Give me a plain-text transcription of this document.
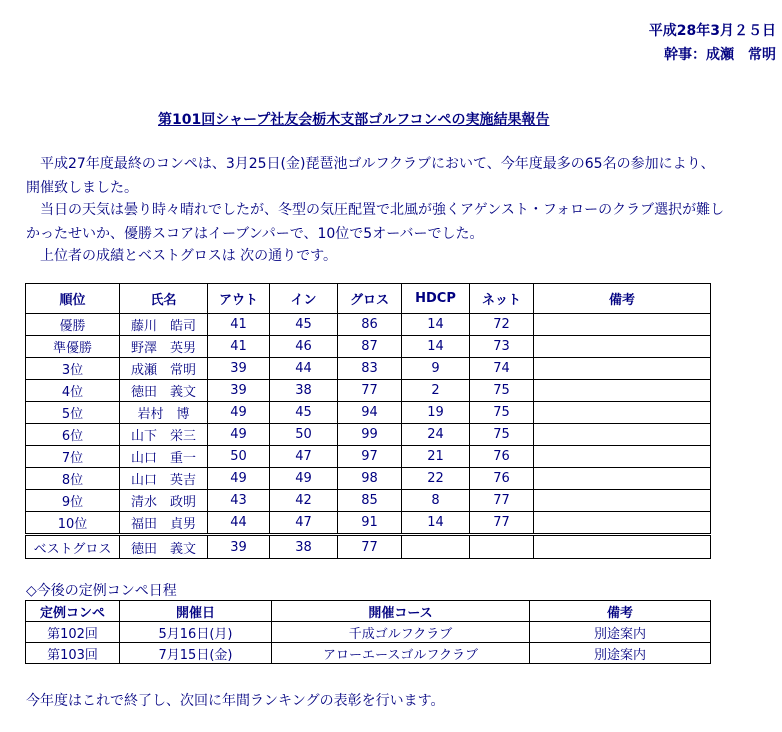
平成28年3月２５日
幹事：成瀬　常明
第101回シャープ社友会栃木支部ゴルフコンペの実施結果報告
　平成27年度最終のコンペは、3月25日(金)琵琶池ゴルフクラブにおいて、今年度最多の65名の参加により、
開催致しました。
　当日の天気は曇り時々晴れでしたが、冬型の気圧配置で北風が強くアゲンスト・フォローのクラブ選択が難し
かったせいか、優勝スコアはイーブンパーで、10位で5オーバーでした。
　上位者の成績とベストグロスは 次の通りです。
順位	氏名	アウト	イン	グロス	HDCP	ネット	備考
優勝	藤川　皓司	41	45	86	14	72	
準優勝	野澤　英男	41	46	87	14	73	
3位	成瀬　常明	39	44	83	9	74	
4位	徳田　義文	39	38	77	2	75	
5位	岩村　博	49	45	94	19	75	
6位	山下　栄三	49	50	99	24	75	
7位	山口　重一	50	47	97	21	76	
8位	山口　英吉	49	49	98	22	76	
9位	清水　政明	43	42	85	8	77	
10位	福田　貞男	44	47	91	14	77	
ベストグロス	徳田　義文	39	38	77			
◇今後の定例コンペ日程
定例コンペ	開催日	開催コース	備考
第102回	5月16日(月)	千成ゴルフクラブ	別途案内
第103回	7月15日(金)	アローエースゴルフクラブ	別途案内
今年度はこれで終了し、次回に年間ランキングの表彰を行います。
